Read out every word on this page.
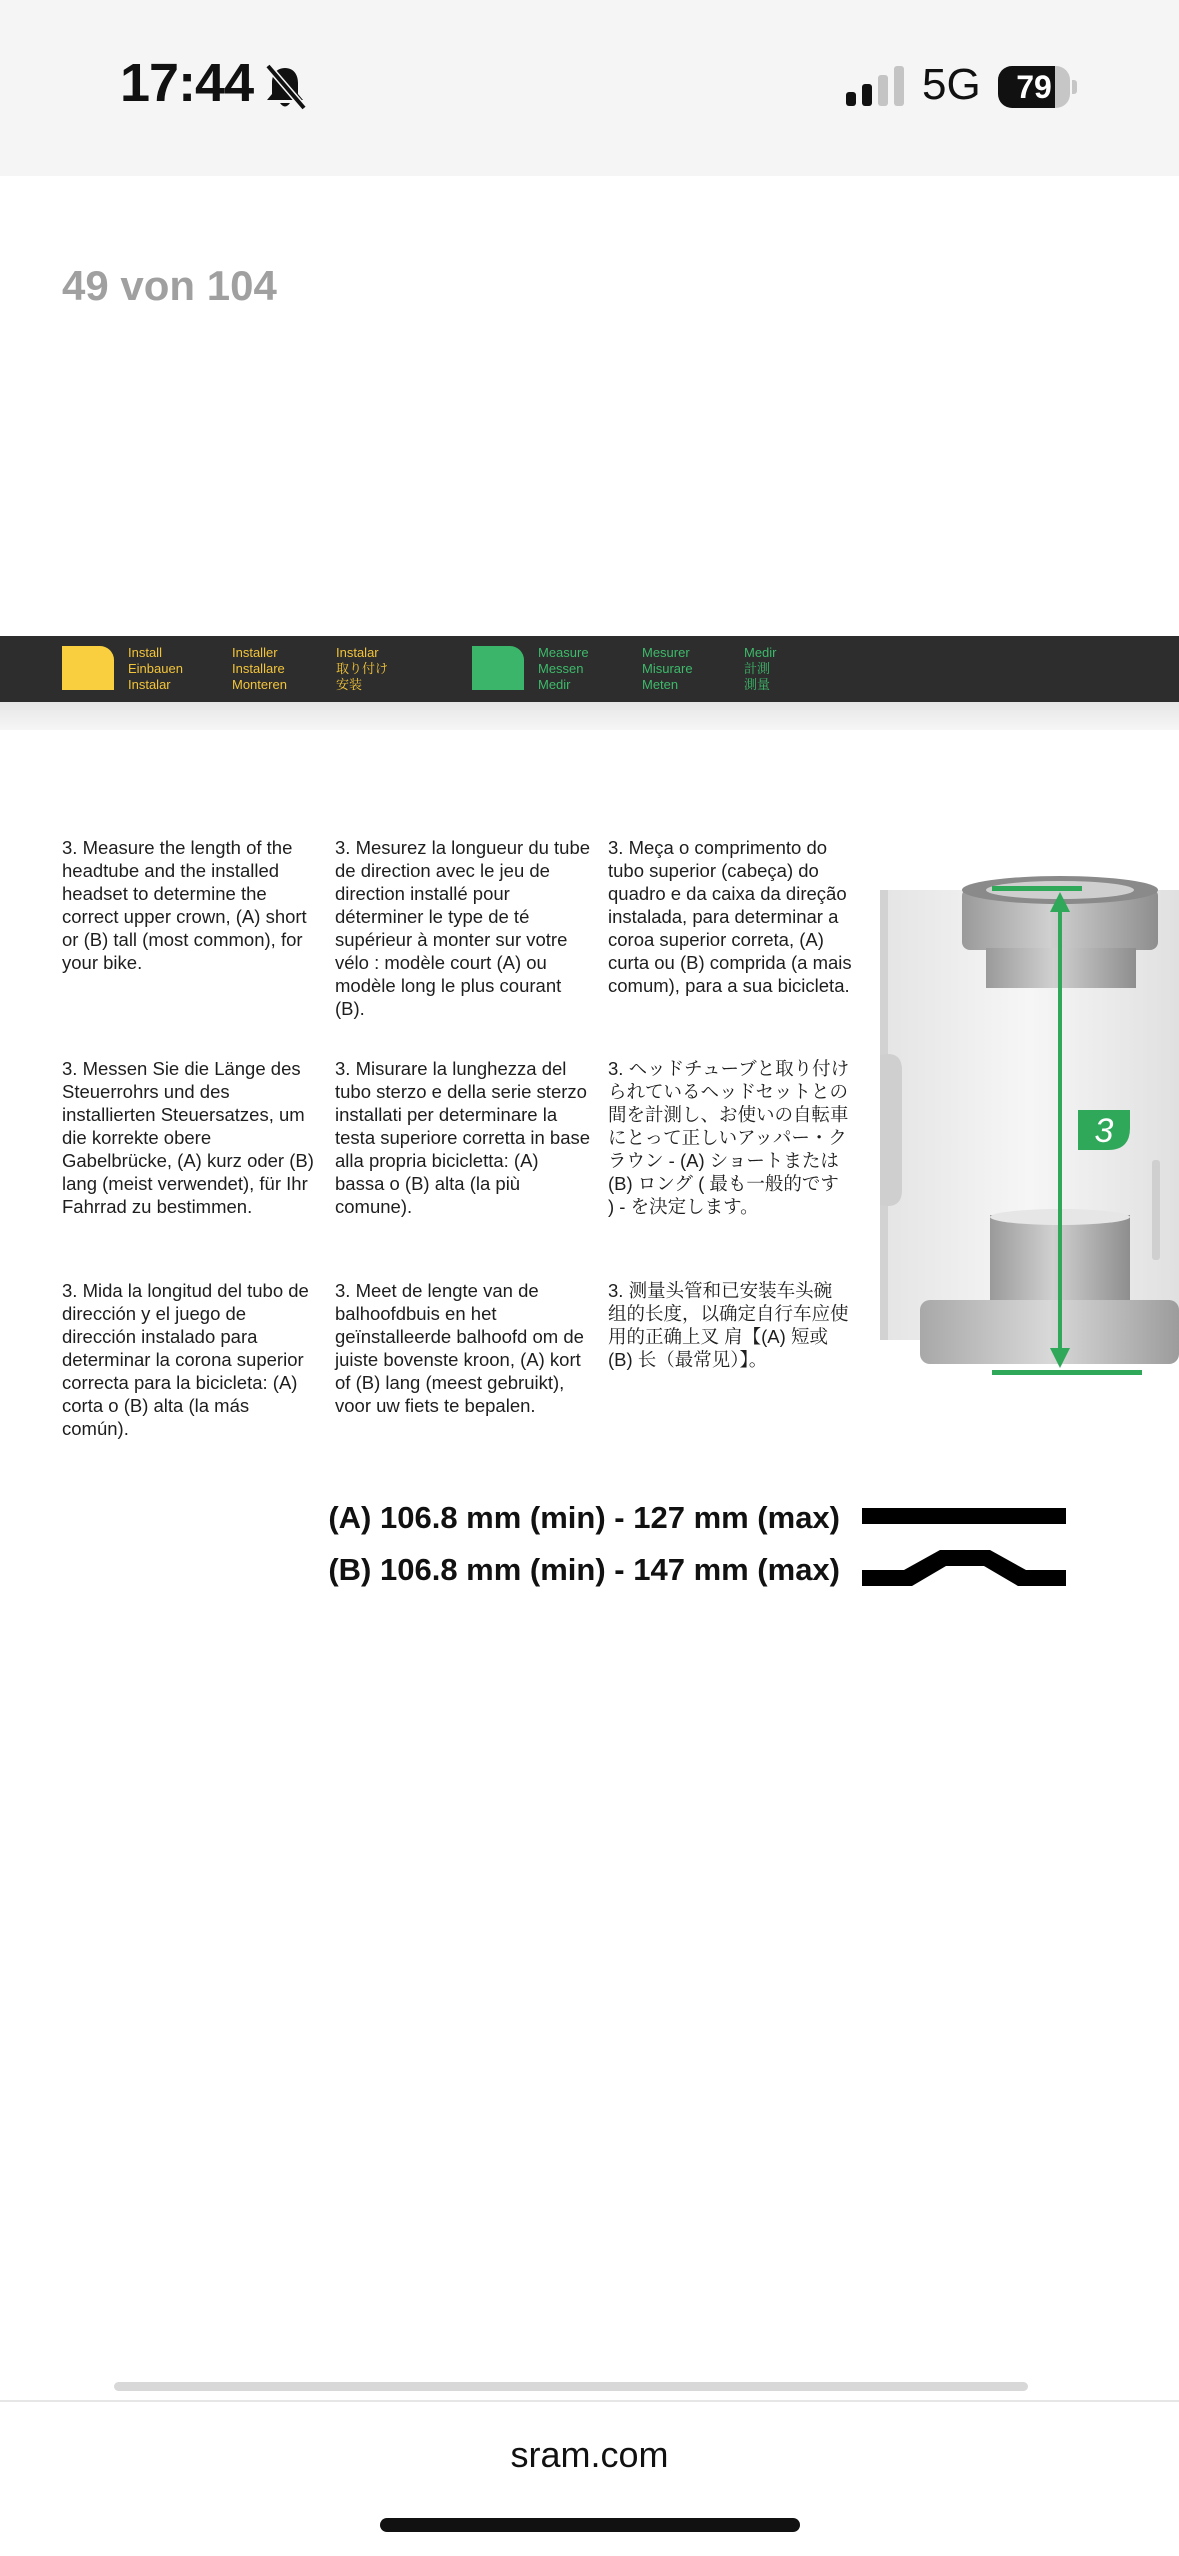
17:44	5G	79
49 von 104
Install
Einbauen
Instalar
Installer
Installare
Monteren
Instalar
取り付け
安装
Measure
Messen
Medir
Mesurer
Misurare
Meten
Medir
計測
測量
3. Measure the length of the headtube and the installed headset to determine the correct upper crown, (A) short or (B) tall (most common), for your bike.
3. Mesurez la longueur du tube de direction avec le jeu de direction installé pour déterminer le type de té supérieur à monter sur votre vélo : modèle court (A) ou modèle long le plus courant (B).
3. Meça o comprimento do tubo superior (cabeça) do quadro e da caixa da direção instalada, para determinar a coroa superior correta, (A) curta ou (B) comprida (a mais comum), para a sua bicicleta.
3. Messen Sie die Länge des Steuerrohrs und des installierten Steuersatzes, um die korrekte obere Gabelbrücke, (A) kurz oder (B) lang (meist verwendet), für Ihr Fahrrad zu bestimmen.
3. Misurare la lunghezza del tubo sterzo e della serie sterzo installati per determinare la testa superiore corretta in base alla propria bicicletta: (A) bassa o (B) alta (la più comune).
3. ヘッドチューブと取り付けられているヘッドセットとの間を計測し、お使いの自転車にとって正しいアッパー・クラウン - (A) ショートまたは (B) ロング ( 最も一般的です ) - を決定します。
3. Mida la longitud del tubo de dirección y el juego de dirección instalado para determinar la corona superior correcta para la bicicleta: (A) corta o (B) alta (la más común).
3. Meet de lengte van de balhoofdbuis en het geïnstalleerde balhoofd om de juiste bovenste kroon, (A) kort of (B) lang (meest gebruikt), voor uw fiets te bepalen.
3. 测量头管和已安装车头碗组的长度，以确定自行车应使用的正确上叉 肩【(A) 短或 (B) 长（最常见）】。
3
(A) 106.8 mm (min) - 127 mm (max)
(B) 106.8 mm (min) - 147 mm (max)
sram.com
